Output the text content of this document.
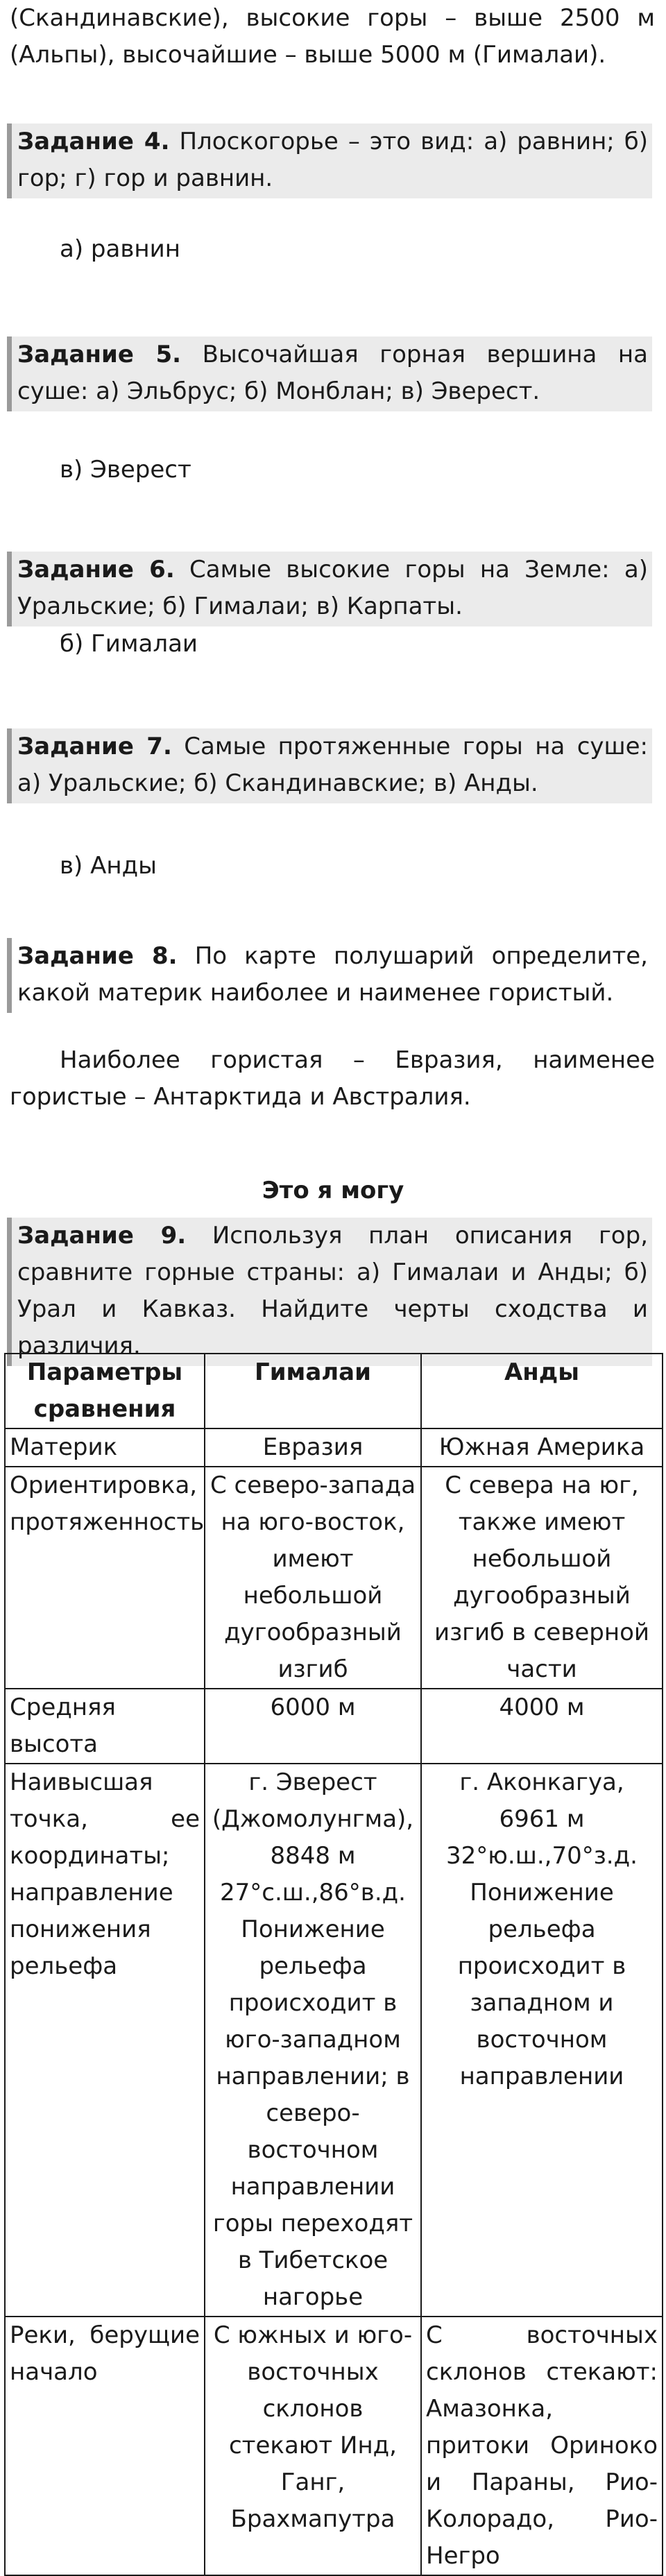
(Скандинавские), высокие горы – выше 2500 м (Альпы), высочайшие – выше 5000 м (Гималаи).
Задание 4. Плоскогорье – это вид: а) равнин; б) гор; г) гор и равнин.
а) равнин
Задание 5. Высочайшая горная вершина на суше: а) Эльбрус; б) Монблан; в) Эверест.
в) Эверест
Задание 6. Самые высокие горы на Земле: а) Уральские; б) Гималаи; в) Карпаты.
б) Гималаи
Задание 7. Самые протяженные горы на суше: а) Уральские; б) Скандинавские; в) Анды.
в) Анды
Задание 8. По карте полушарий определите, какой материк наиболее и наименее гористый.
Наиболее гористая – Евразия, наименее гористые – Антарктида и Австралия.
Это я могу
Задание 9. Используя план описания гор, сравните горные страны: а) Гималаи и Анды; б) Урал и Кавказ. Найдите черты сходства и различия.
Параметры сравнения	Гималаи	Анды
Материк	Евразия	Южная Америка
Ориентировка, протяженность	С северо-запада на юго-восток, имеют небольшой дугообразный изгиб	С севера на юг, также имеют небольшой дугообразный изгиб в северной части
Средняя высота	6000 м	4000 м
Наивысшая точка, ее координаты; направление понижения рельефа	г. Эверест (Джомолунгма), 8848 м 27°с.ш.,86°в.д. Понижение рельефа происходит в юго-западном направлении; в северо-восточном направлении горы переходят в Тибетское нагорье	г. Аконкагуа, 6961 м 32°ю.ш.,70°з.д. Понижение рельефа происходит в западном и восточном направлении
Реки, берущие начало	С южных и юго-восточных склонов стекают Инд, Ганг, Брахмапутра	С восточных склонов стекают: Амазонка, притоки Ориноко и Параны, Рио-Колорадо, Рио-Негро
